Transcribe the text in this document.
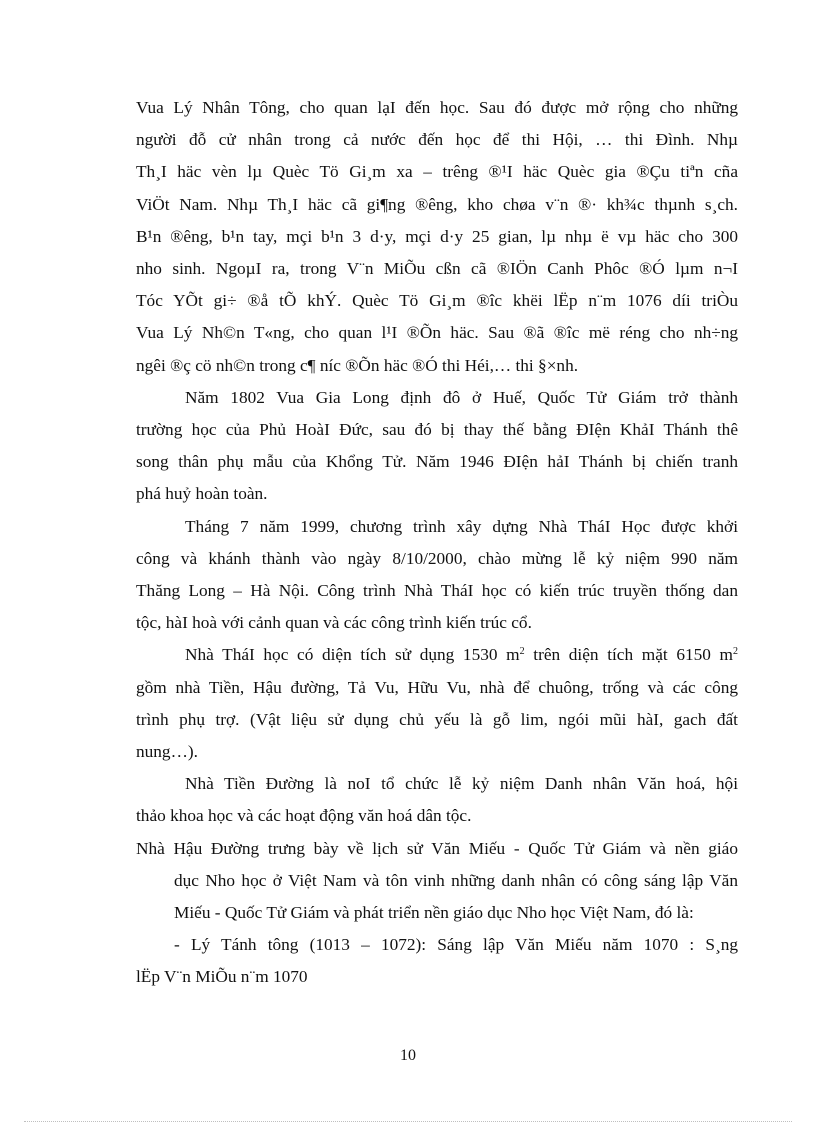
Vua Lý Nhân Tông, cho quan lạI đến học. Sau đó được mở rộng cho những
người đỗ cử nhân trong cả nước đến học để thi Hội, … thi Đình. Nhµ
Th¸I häc vèn lµ Quèc Tö Gi¸m xa – trêng ®¹I häc Quèc gia ®Çu tiªn cña
ViÖt Nam. Nhµ Th¸I häc cã gi¶ng ®êng, kho chøa v¨n ®· kh¾c thµnh s¸ch.
B¹n ®êng, b¹n tay, mçi b¹n 3 d·y, mçi d·y 25 gian, lµ nhµ ë vµ häc cho 300
nho sinh. NgoµI ra, trong V¨n MiÕu cßn cã ®IÖn Canh Phôc ®Ó lµm n¬I
Tóc YÕt gi÷ ®å tÕ khÝ. Quèc Tö Gi¸m ®îc khëi lËp n¨m 1076 díi triÒu
Vua Lý Nh©n T«ng, cho quan l¹I ®Õn häc. Sau ®ã ®îc më réng cho nh÷ng
ngêi ®ç cö nh©n trong c¶ níc ®Õn häc ®Ó thi Héi,… thi §×nh.

Năm 1802 Vua Gia Long định đô ở Huế, Quốc Tử Giám trở thành
trường học của Phủ HoàI Đức, sau đó bị thay thế bằng ĐIện KhảI Thánh thê
song thân phụ mẫu của Khổng Tử. Năm 1946 ĐIện hảI Thánh bị chiến tranh
phá huỷ hoàn toàn.

Tháng 7 năm 1999, chương trình xây dựng Nhà TháI Học được khởi
công và khánh thành vào ngày 8/10/2000, chào mừng lễ kỷ niệm 990 năm
Thăng Long – Hà Nội. Công trình Nhà TháI học có kiến trúc truyền thống dan
tộc, hàI hoà với cảnh quan và các công trình kiến trúc cổ.

Nhà TháI học có diện tích sử dụng 1530 $m^2$ trên diện tích mặt 6150 $m^2$
gồm nhà Tiền, Hậu đường, Tả Vu, Hữu Vu, nhà để chuông, trống và các công
trình phụ trợ. (Vật liệu sử dụng chủ yếu là gỗ lim, ngói mũi hàI, gach đất
nung…).

Nhà Tiền Đường là noI tổ chức lễ kỷ niệm Danh nhân Văn hoá, hội
thảo khoa học và các hoạt động văn hoá dân tộc.

Nhà Hậu Đường trưng bày về lịch sử Văn Miếu - Quốc Tử Giám và nền giáo
dục Nho học ở Việt Nam và tôn vinh những danh nhân có công sáng lập Văn
Miếu - Quốc Tử Giám và phát triển nền giáo dục Nho học Việt Nam, đó là:

- Lý Tánh tông (1013 – 1072): Sáng lập Văn Miếu năm 1070 : S¸ng
lËp V¨n MiÕu n¨m 1070

10
